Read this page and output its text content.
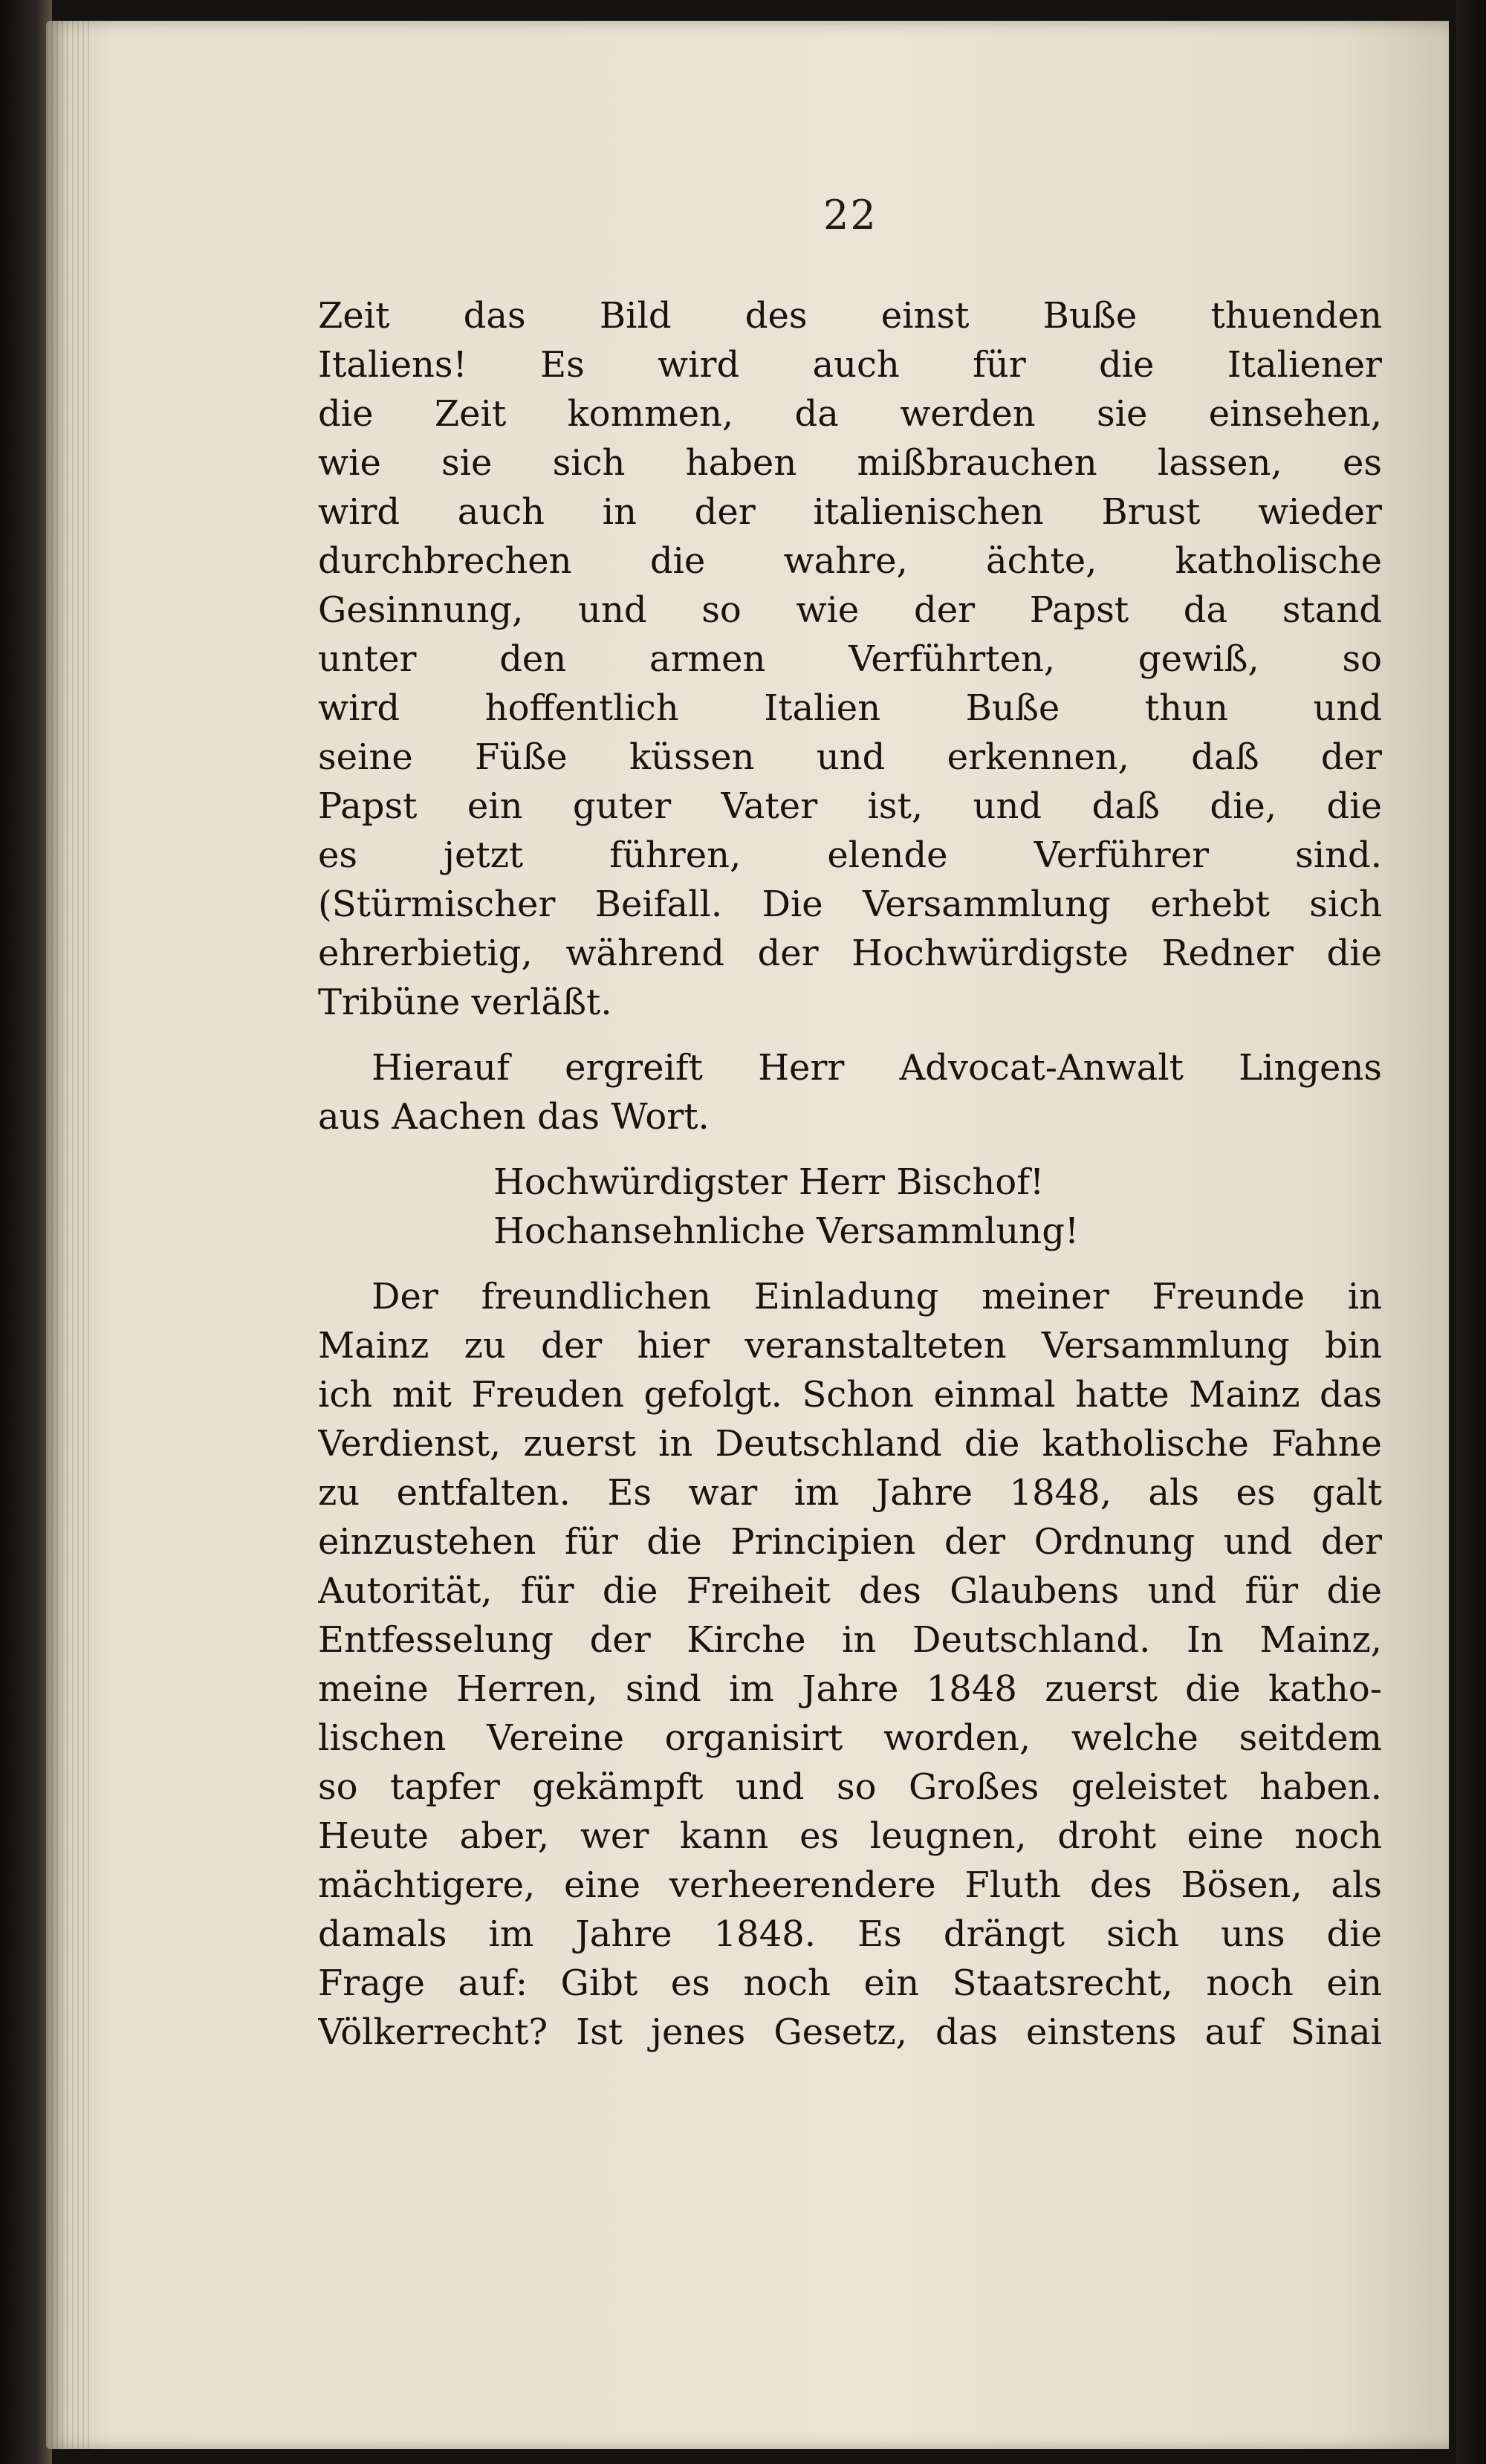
22
Zeit das Bild des einst Buße thuenden
Italiens! Es wird auch für die Italiener
die Zeit kommen, da werden sie einsehen,
wie sie sich haben mißbrauchen lassen, es
wird auch in der italienischen Brust wieder
durchbrechen die wahre, ächte, katholische
Gesinnung, und so wie der Papst da stand
unter den armen Verführten, gewiß, so
wird hoffentlich Italien Buße thun und
seine Füße küssen und erkennen, daß der
Papst ein guter Vater ist, und daß die, die
es jetzt führen, elende Verführer sind.
(Stürmischer Beifall. Die Versammlung erhebt sich
ehrerbietig, während der Hochwürdigste Redner die
Tribüne verläßt.
Hierauf ergreift Herr Advocat-Anwalt Lingens
aus Aachen das Wort.
Hochwürdigster Herr Bischof!
Hochansehnliche Versammlung!
Der freundlichen Einladung meiner Freunde in
Mainz zu der hier veranstalteten Versammlung bin
ich mit Freuden gefolgt. Schon einmal hatte Mainz das
Verdienst, zuerst in Deutschland die katholische Fahne
zu entfalten. Es war im Jahre 1848, als es galt
einzustehen für die Principien der Ordnung und der
Autorität, für die Freiheit des Glaubens und für die
Entfesselung der Kirche in Deutschland. In Mainz,
meine Herren, sind im Jahre 1848 zuerst die katho-
lischen Vereine organisirt worden, welche seitdem
so tapfer gekämpft und so Großes geleistet haben.
Heute aber, wer kann es leugnen, droht eine noch
mächtigere, eine verheerendere Fluth des Bösen, als
damals im Jahre 1848. Es drängt sich uns die
Frage auf: Gibt es noch ein Staatsrecht, noch ein
Völkerrecht? Ist jenes Gesetz, das einstens auf Sinai
